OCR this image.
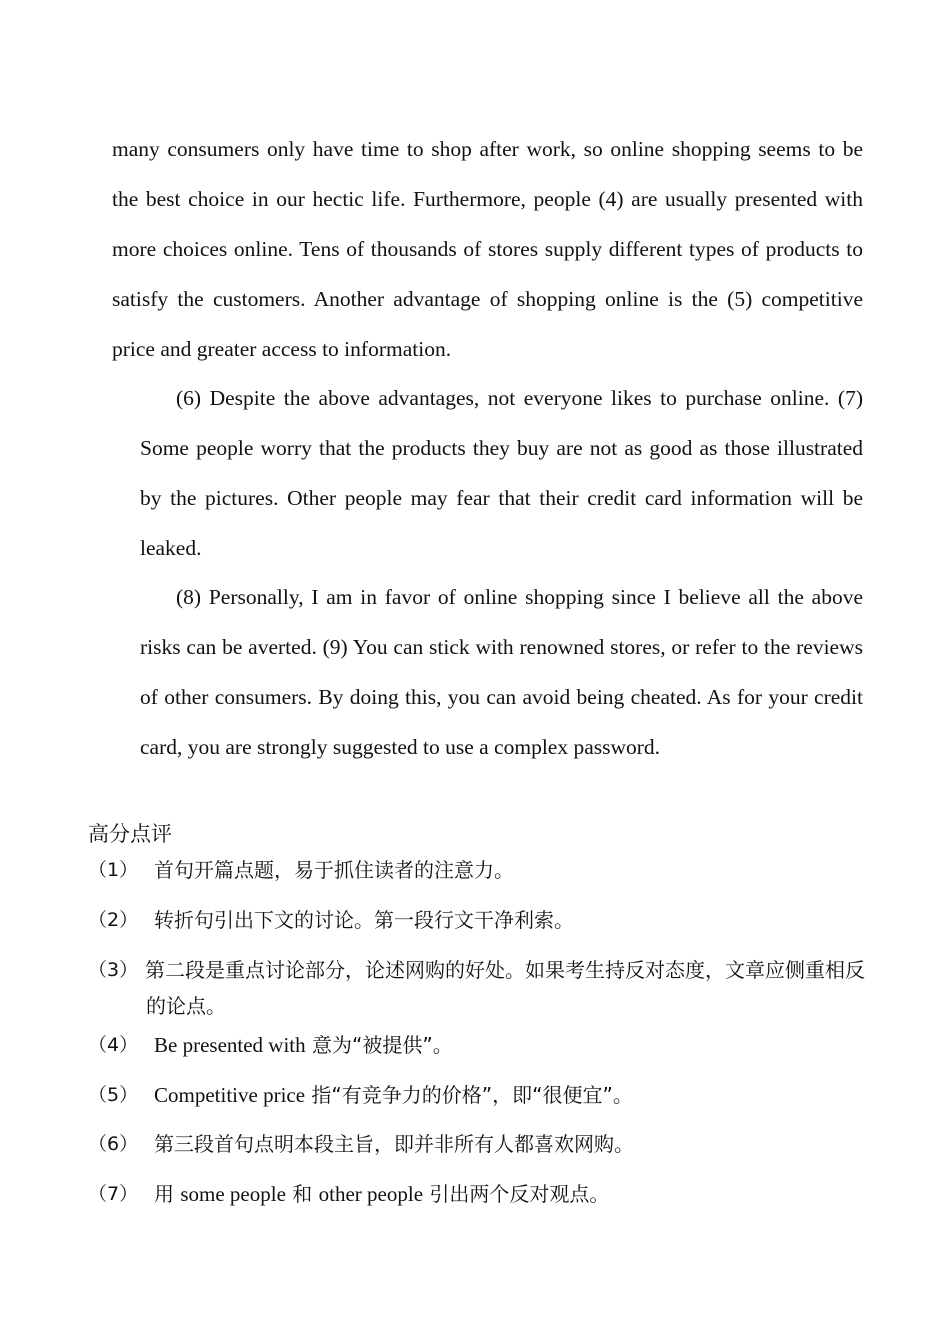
many consumers only have time to shop after work, so online shopping seems to be the best choice in our hectic life. Furthermore, people (4) are usually presented with more choices online. Tens of thousands of stores supply different types of products to satisfy the customers. Another advantage of shopping online is the (5) competitive price and greater access to information.

(6) Despite the above advantages, not everyone likes to purchase online. (7) Some people worry that the products they buy are not as good as those illustrated by the pictures. Other people may fear that their credit card information will be leaked.

(8) Personally, I am in favor of online shopping since I believe all the above risks can be averted. (9) You can stick with renowned stores, or refer to the reviews of other consumers. By doing this, you can avoid being cheated. As for your credit card, you are strongly suggested to use a complex password.

高分点评
（1） 首句开篇点题，易于抓住读者的注意力。
（2） 转折句引出下文的讨论。第一段行文干净利索。
（3） 第二段是重点讨论部分，论述网购的好处。如果考生持反对态度，文章应侧重相反的论点。
（4） Be presented with 意为“被提供”。
（5） Competitive price 指“有竞争力的价格”，即“很便宜”。
（6） 第三段首句点明本段主旨，即并非所有人都喜欢网购。
（7） 用 some people 和 other people 引出两个反对观点。
